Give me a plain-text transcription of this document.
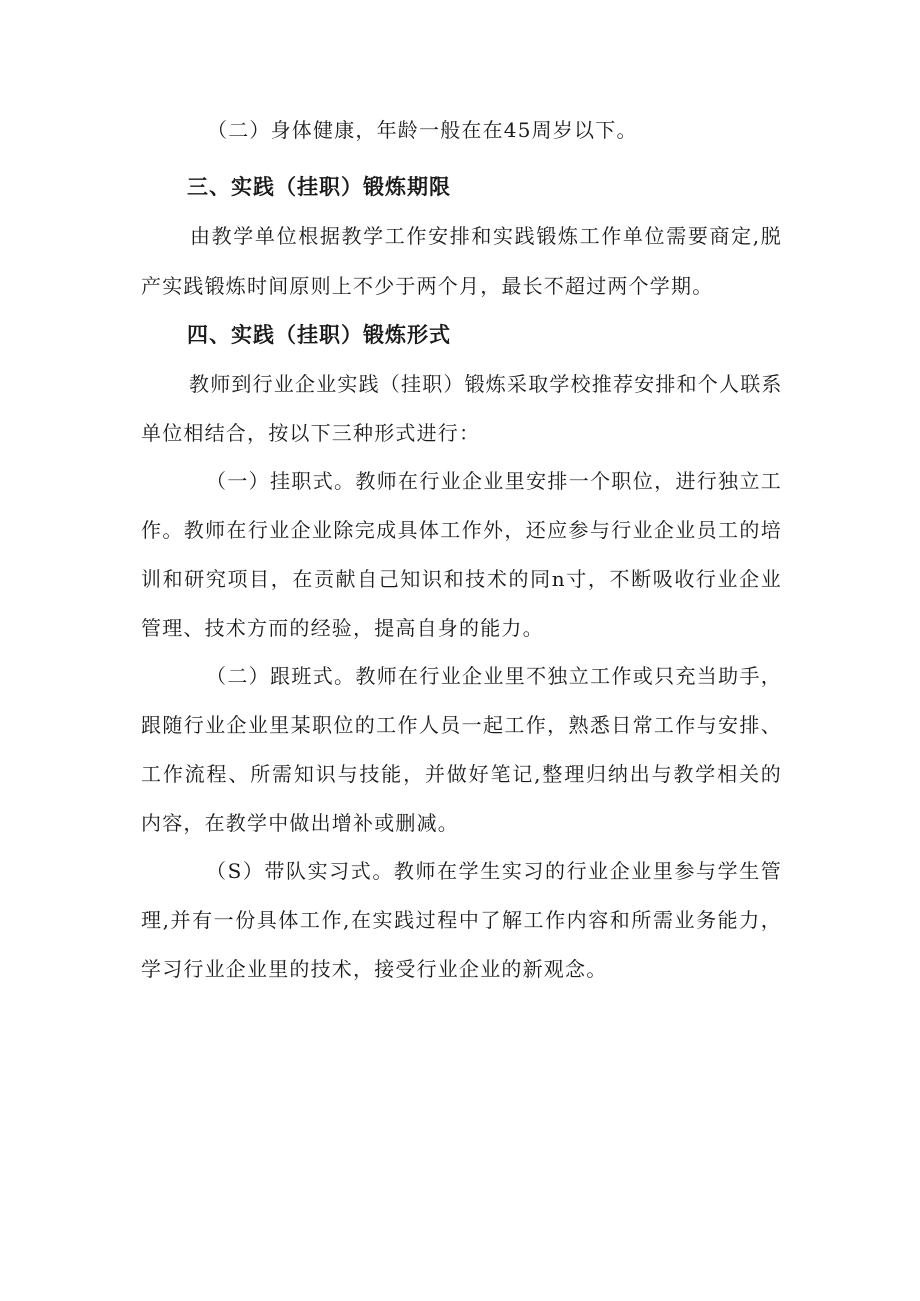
（二）身体健康，年龄一般在在45周岁以下。
三、实践（挂职）锻炼期限
由教学单位根据教学工作安排和实践锻炼工作单位需要商定,脱
产实践锻炼时间原则上不少于两个月，最长不超过两个学期。
四、实践（挂职）锻炼形式
教师到行业企业实践（挂职）锻炼采取学校推荐安排和个人联系
单位相结合，按以下三种形式进行：
（一）挂职式。教师在行业企业里安排一个职位，进行独立工
作。教师在行业企业除完成具体工作外，还应参与行业企业员工的培
训和研究项目，在贡献自己知识和技术的同n寸，不断吸收行业企业
管理、技术方而的经验，提高自身的能力。
（二）跟班式。教师在行业企业里不独立工作或只充当助手，
跟随行业企业里某职位的工作人员一起工作，熟悉日常工作与安排、
工作流程、所需知识与技能，并做好笔记,整理归纳出与教学相关的
内容，在教学中做出增补或删减。
（S）带队实习式。教师在学生实习的行业企业里参与学生管
理,并有一份具体工作,在实践过程中了解工作内容和所需业务能力，
学习行业企业里的技术，接受行业企业的新观念。
